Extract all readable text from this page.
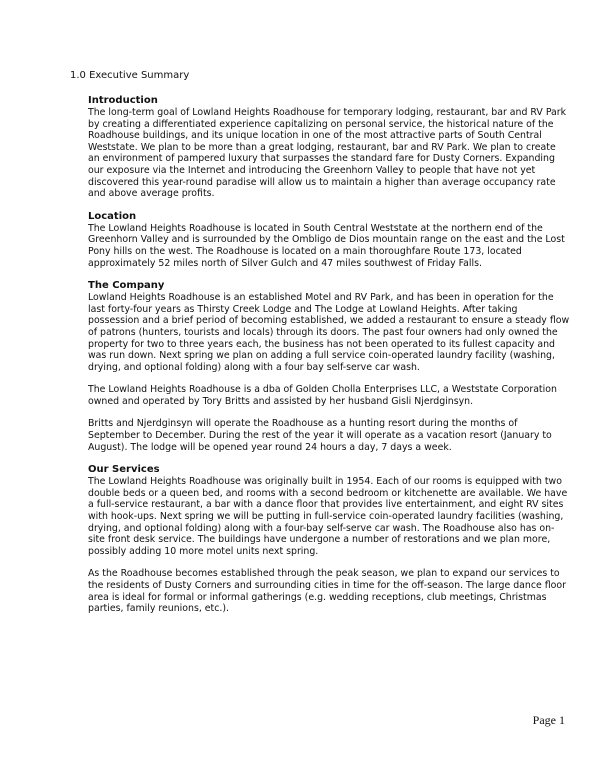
1.0 Executive Summary
Introduction

The long-term goal of Lowland Heights Roadhouse for temporary lodging, restaurant, bar and RV Park by creating a differentiated experience capitalizing on personal service, the historical nature of the Roadhouse buildings, and its unique location in one of the most attractive parts of South Central Weststate. We plan to be more than a great lodging, restaurant, bar and RV Park. We plan to create an environment of pampered luxury that surpasses the standard fare for Dusty Corners. Expanding our exposure via the Internet and introducing the Greenhorn Valley to people that have not yet discovered this year-round paradise will allow us to maintain a higher than average occupancy rate and above average profits.

Location

The Lowland Heights Roadhouse is located in South Central Weststate at the northern end of the Greenhorn Valley and is surrounded by the Ombligo de Dios mountain range on the east and the Lost Pony hills on the west. The Roadhouse is located on a main thoroughfare Route 173, located approximately 52 miles north of Silver Gulch and 47 miles southwest of Friday Falls.

The Company

Lowland Heights Roadhouse is an established Motel and RV Park, and has been in operation for the last forty-four years as Thirsty Creek Lodge and The Lodge at Lowland Heights. After taking possession and a brief period of becoming established, we added a restaurant to ensure a steady flow of patrons (hunters, tourists and locals) through its doors. The past four owners had only owned the property for two to three years each, the business has not been operated to its fullest capacity and was run down. Next spring we plan on adding a full service coin-operated laundry facility (washing, drying, and optional folding) along with a four bay self-serve car wash.

The Lowland Heights Roadhouse is a dba of Golden Cholla Enterprises LLC, a Weststate Corporation owned and operated by Tory Britts and assisted by her husband Gisli Njerdginsyn.

Britts and Njerdginsyn will operate the Roadhouse as a hunting resort during the months of September to December. During the rest of the year it will operate as a vacation resort (January to August). The lodge will be opened year round 24 hours a day, 7 days a week.

Our Services

The Lowland Heights Roadhouse was originally built in 1954. Each of our rooms is equipped with two double beds or a queen bed, and rooms with a second bedroom or kitchenette are available. We have a full-service restaurant, a bar with a dance floor that provides live entertainment, and eight RV sites with hook-ups. Next spring we will be putting in full-service coin-operated laundry facilities (washing, drying, and optional folding) along with a four-bay self-serve car wash. The Roadhouse also has on-site front desk service. The buildings have undergone a number of restorations and we plan more, possibly adding 10 more motel units next spring.

As the Roadhouse becomes established through the peak season, we plan to expand our services to the residents of Dusty Corners and surrounding cities in time for the off-season. The large dance floor area is ideal for formal or informal gatherings (e.g. wedding receptions, club meetings, Christmas parties, family reunions, etc.).

Page 1
